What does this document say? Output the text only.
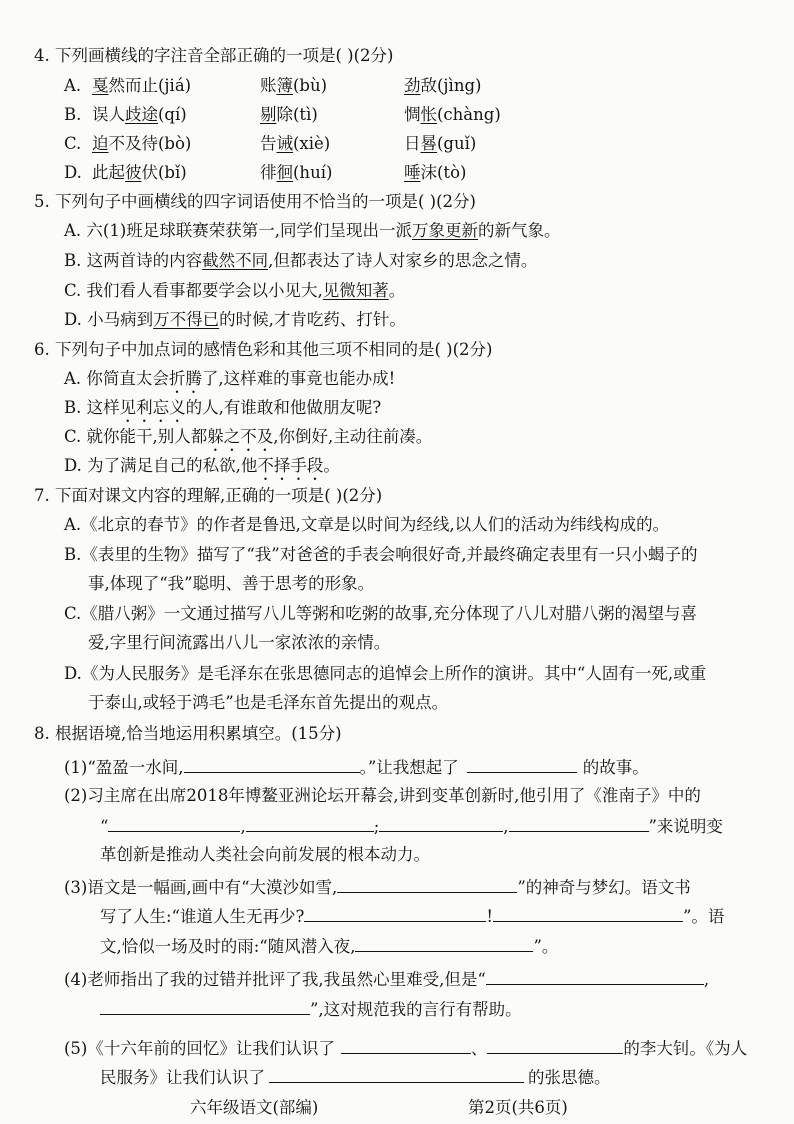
4. 下列画横线的字注音全部正确的一项是( )(2分)
A. 戛然而止(jiá)	账簿(bù)	劲敌(jìng)
B. 误人歧途(qí)	剔除(tì)	惆怅(chàng)
C. 迫不及待(bò)	告诫(xiè)	日晷(guǐ)
D. 此起彼伏(bǐ)	徘徊(huí)	唾沫(tò)
5. 下列句子中画横线的四字词语使用不恰当的一项是( )(2分)
A. 六(1)班足球联赛荣获第一,同学们呈现出一派万象更新的新气象。
B. 这两首诗的内容截然不同,但都表达了诗人对家乡的思念之情。
C. 我们看人看事都要学会以小见大,见微知著。
D. 小马病到万不得已的时候,才肯吃药、打针。
6. 下列句子中加点词的感情色彩和其他三项不相同的是( )(2分)
A. 你简直太会折腾了,这样难的事竟也能办成!
B. 这样见利忘义的人,有谁敢和他做朋友呢?
C. 就你能干,别人都躲之不及,你倒好,主动往前凑。
D. 为了满足自己的私欲,他不择手段。
7. 下面对课文内容的理解,正确的一项是( )(2分)
A.《北京的春节》的作者是鲁迅,文章是以时间为经线,以人们的活动为纬线构成的。
B.《表里的生物》描写了“我”对爸爸的手表会响很好奇,并最终确定表里有一只小蝎子的
事,体现了“我”聪明、善于思考的形象。
C.《腊八粥》一文通过描写八儿等粥和吃粥的故事,充分体现了八儿对腊八粥的渴望与喜
爱,字里行间流露出八儿一家浓浓的亲情。
D.《为人民服务》是毛泽东在张思德同志的追悼会上所作的演讲。其中“人固有一死,或重
于泰山,或轻于鸿毛”也是毛泽东首先提出的观点。
8. 根据语境,恰当地运用积累填空。(15分)
(1)“盈盈一水间,	。”让我想起了	的故事。
(2)习主席在出席2018年博鳌亚洲论坛开幕会,讲到变革创新时,他引用了《淮南子》中的
“	,	;	,	”来说明变
革创新是推动人类社会向前发展的根本动力。
(3)语文是一幅画,画中有“大漠沙如雪,	”的神奇与梦幻。语文书
写了人生:“谁道人生无再少?	!	”。语
文,恰似一场及时的雨:“随风潜入夜,	”。
(4)老师指出了我的过错并批评了我,我虽然心里难受,但是“	,
”,这对规范我的言行有帮助。
(5)《十六年前的回忆》让我们认识了	、	的李大钊。《为人
民服务》让我们认识了	的张思德。
六年级语文(部编)	第2页(共6页)
